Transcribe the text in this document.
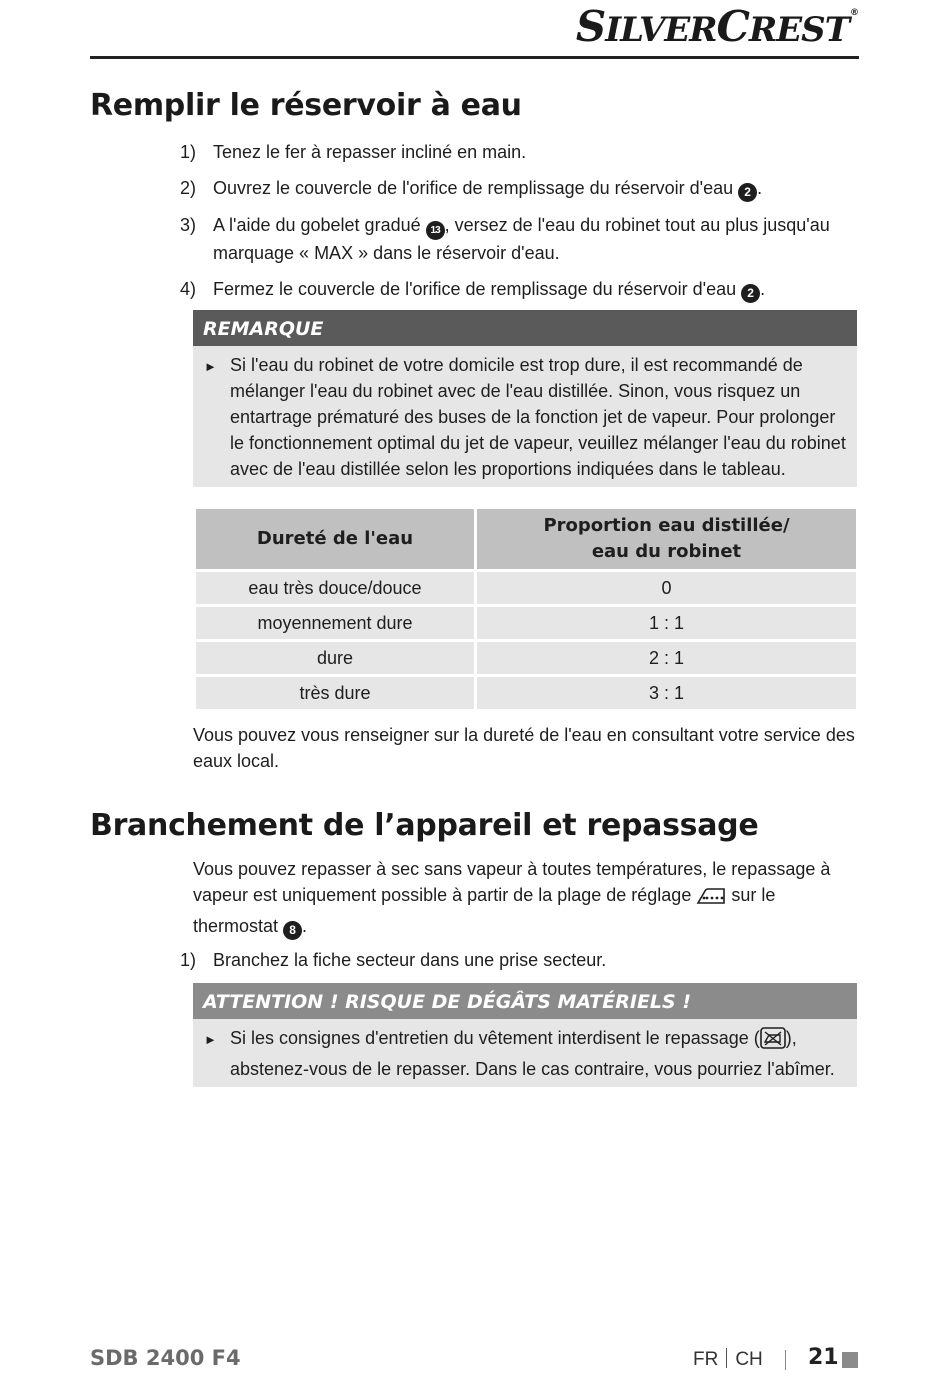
SILVERCREST®
Remplir le réservoir à eau
1) Tenez le fer à repasser incliné en main.
2) Ouvrez le couvercle de l'orifice de remplissage du réservoir d'eau 2 .
3) A l'aide du gobelet gradué 13 , versez de l'eau du robinet tout au plus jusqu'au marquage « MAX » dans le réservoir d'eau.
4) Fermez le couvercle de l'orifice de remplissage du réservoir d'eau 2 .
REMARQUE
► Si l'eau du robinet de votre domicile est trop dure, il est recommandé de mélanger l'eau du robinet avec de l'eau distillée. Sinon, vous risquez un entartrage prématuré des buses de la fonction jet de vapeur. Pour prolonger le fonctionnement optimal du jet de vapeur, veuillez mélanger l'eau du robinet avec de l'eau distillée selon les proportions indiquées dans le tableau.
Dureté de l'eau	Proportion eau distillée/
eau du robinet
eau très douce/douce	0
moyennement dure	1 : 1
dure	2 : 1
très dure	3 : 1

Vous pouvez vous renseigner sur la dureté de l'eau en consultant votre service des eaux local.

Branchement de l’appareil et repassage

Vous pouvez repasser à sec sans vapeur à toutes températures, le repassage à vapeur est uniquement possible à partir de la plage de réglage  sur le thermostat 8 .

1) Branchez la fiche secteur dans une prise secteur.
ATTENTION ! RISQUE DE DÉGÂTS MATÉRIELS !
► Si les consignes d'entretien du vêtement interdisent le repassage ( ), abstenez-vous de le repasser. Dans le cas contraire, vous pourriez l'abîmer.
SDB 2400 F4	FR CH 21
